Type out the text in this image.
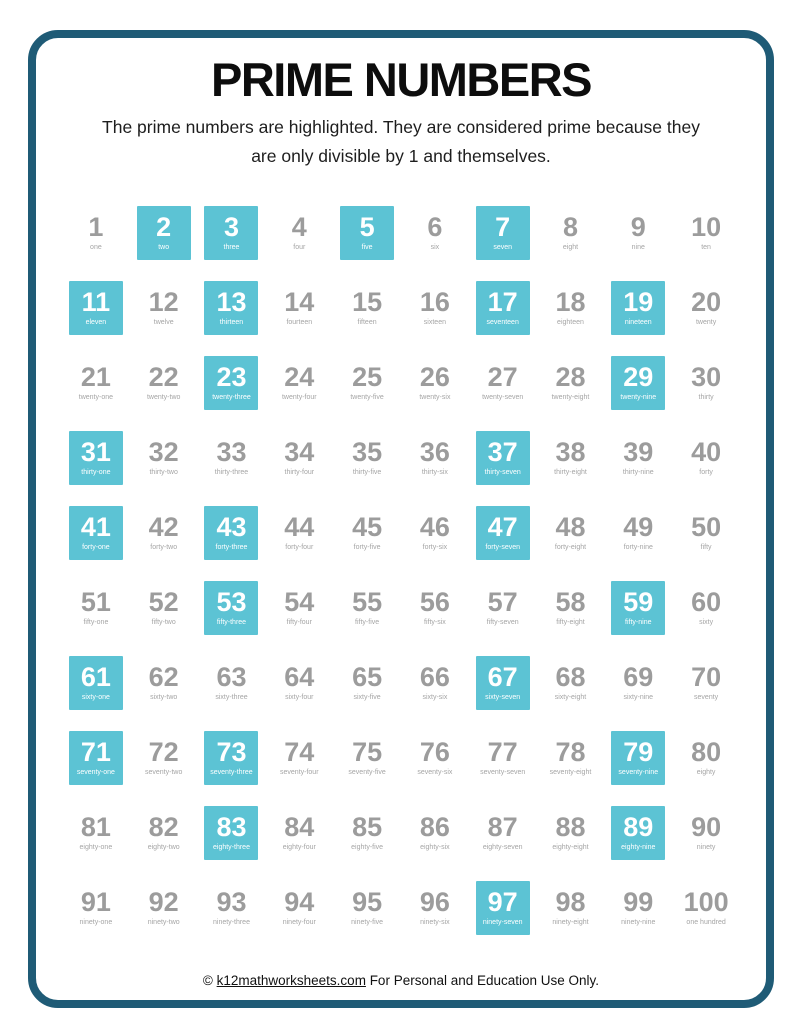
PRIME NUMBERS
The prime numbers are highlighted. They are considered prime because they
are only divisible by 1 and themselves.
1
one
2
two
3
three
4
four
5
five
6
six
7
seven
8
eight
9
nine
10
ten
11
eleven
12
twelve
13
thirteen
14
fourteen
15
fifteen
16
sixteen
17
seventeen
18
eighteen
19
nineteen
20
twenty
21
twenty-one
22
twenty-two
23
twenty-three
24
twenty-four
25
twenty-five
26
twenty-six
27
twenty-seven
28
twenty-eight
29
twenty-nine
30
thirty
31
thirty-one
32
thirty-two
33
thirty-three
34
thirty-four
35
thirty-five
36
thirty-six
37
thirty-seven
38
thirty-eight
39
thirty-nine
40
forty
41
forty-one
42
forty-two
43
forty-three
44
forty-four
45
forty-five
46
forty-six
47
forty-seven
48
forty-eight
49
forty-nine
50
fifty
51
fifty-one
52
fifty-two
53
fifty-three
54
fifty-four
55
fifty-five
56
fifty-six
57
fifty-seven
58
fifty-eight
59
fifty-nine
60
sixty
61
sixty-one
62
sixty-two
63
sixty-three
64
sixty-four
65
sixty-five
66
sixty-six
67
sixty-seven
68
sixty-eight
69
sixty-nine
70
seventy
71
seventy-one
72
seventy-two
73
seventy-three
74
seventy-four
75
seventy-five
76
seventy-six
77
seventy-seven
78
seventy-eight
79
seventy-nine
80
eighty
81
eighty-one
82
eighty-two
83
eighty-three
84
eighty-four
85
eighty-five
86
eighty-six
87
eighty-seven
88
eighty-eight
89
eighty-nine
90
ninety
91
ninety-one
92
ninety-two
93
ninety-three
94
ninety-four
95
ninety-five
96
ninety-six
97
ninety-seven
98
ninety-eight
99
ninety-nine
100
one hundred
© k12mathworksheets.com For Personal and Education Use Only.
